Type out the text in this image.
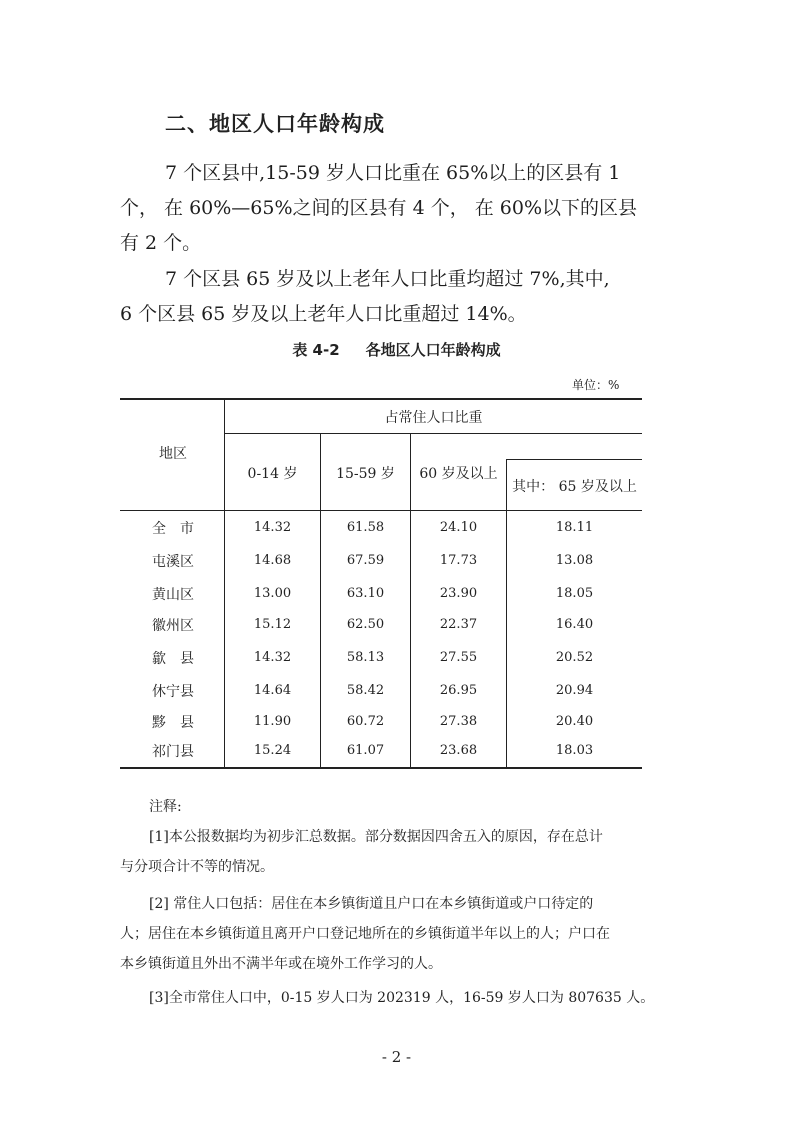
二、地区人口年龄构成
7 个区县中,15-59 岁人口比重在 65%以上的区县有 1
个， 在 60%—65%之间的区县有 4 个， 在 60%以下的区县
有 2 个。
7 个区县 65 岁及以上老年人口比重均超过 7%,其中,
6 个区县 65 岁及以上老年人口比重超过 14%。
表 4-2 各地区人口年龄构成
单位：%
地区
占常住人口比重
0-14 岁	15-59 岁	60 岁及以上
其中： 65 岁及以上
全　市	14.32	61.58	24.10	18.11
屯溪区	14.68	67.59	17.73	13.08
黄山区	13.00	63.10	23.90	18.05
徽州区	15.12	62.50	22.37	16.40
歙　县	14.32	58.13	27.55	20.52
休宁县	14.64	58.42	26.95	20.94
黟　县	11.90	60.72	27.38	20.40
祁门县	15.24	61.07	23.68	18.03
注释:
[1]本公报数据均为初步汇总数据。部分数据因四舍五入的原因，存在总计
与分项合计不等的情况。
[2] 常住人口包括：居住在本乡镇街道且户口在本乡镇街道或户口待定的
人；居住在本乡镇街道且离开户口登记地所在的乡镇街道半年以上的人；户口在
本乡镇街道且外出不满半年或在境外工作学习的人。
[3]全市常住人口中，0-15 岁人口为 202319 人，16-59 岁人口为 807635 人。
- 2 -
